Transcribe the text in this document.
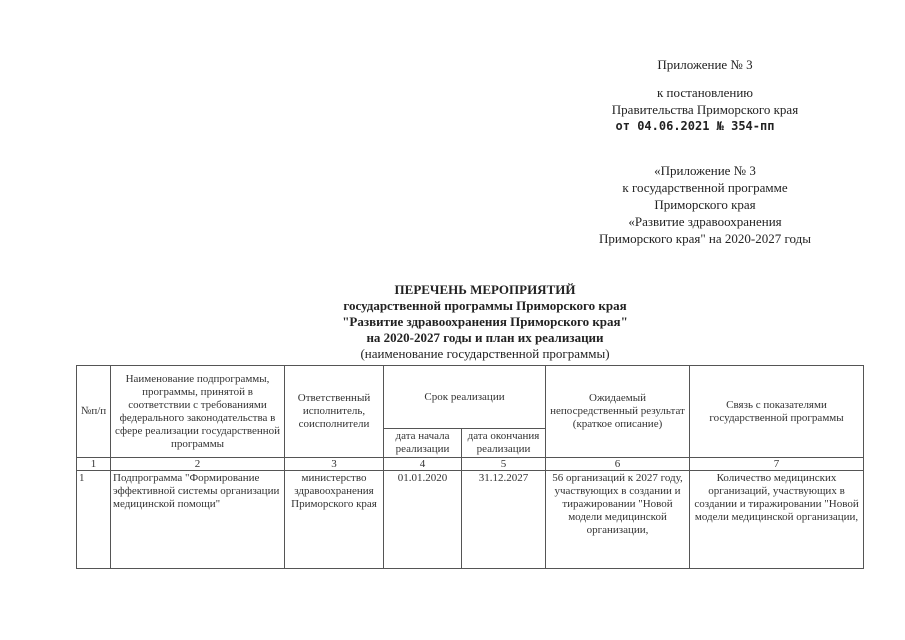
Приложение № 3
к постановлению
Правительства Приморского края
от 04.06.2021 № 354-пп
«Приложение № 3
к государственной программе
Приморского края
«Развитие здравоохранения
Приморского края" на 2020-2027 годы
ПЕРЕЧЕНЬ МЕРОПРИЯТИЙ
государственной программы Приморского края
"Развитие здравоохранения Приморского края"
на 2020-2027 годы и план их реализации
(наименование государственной программы)
№п/п	Наименование подпрограммы, программы, принятой в соответствии с требованиями федерального законодательства в сфере реализации государственной программы	Ответственный исполнитель, соисполнители	Срок реализации		Ожидаемый непосредственный результат (краткое описание)	Связь с показателями государственной программы
			дата начала реализации	дата окончания реализации		
1	2	3	4	5	6	7
1	Подпрограмма "Формирование эффективной системы организации медицинской помощи"	министерство здравоохранения Приморского края	01.01.2020	31.12.2027	56 организаций к 2027 году, участвующих в создании и тиражировании "Новой модели медицинской организации,	Количество медицинских организаций, участвующих в создании и тиражировании "Новой модели медицинской организации,
